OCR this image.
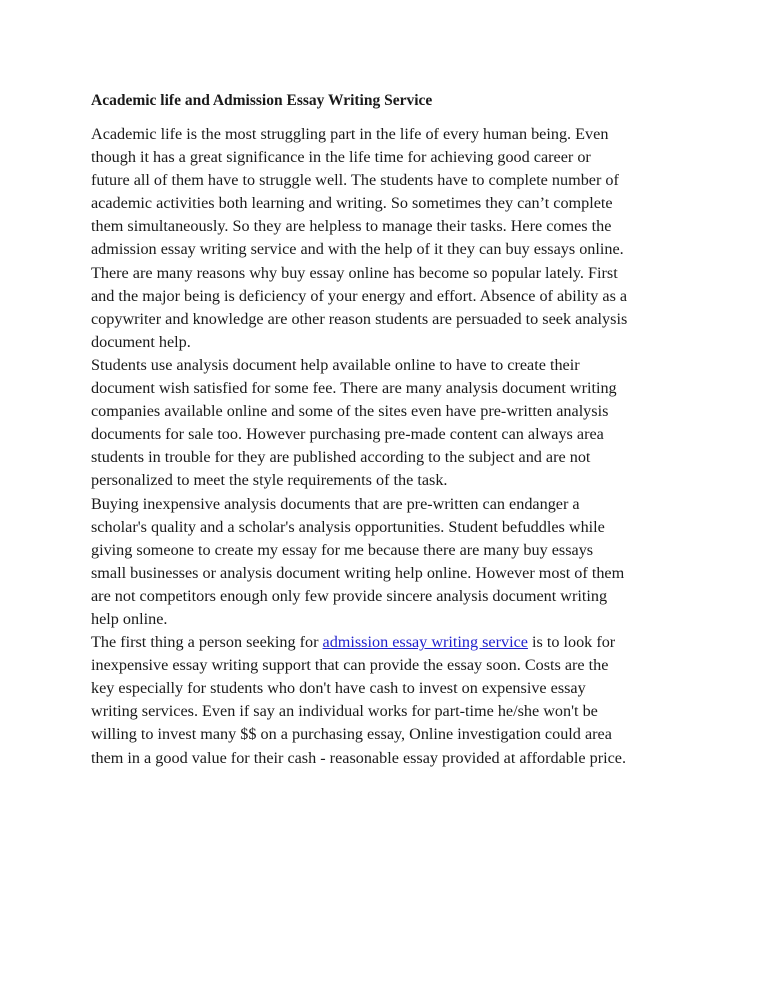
Academic life and Admission Essay Writing Service
Academic life is the most struggling part in the life of every human being. Even
though it has a great significance in the life time for achieving good career or
future all of them have to struggle well. The students have to complete number of
academic activities both learning and writing. So sometimes they can’t complete
them simultaneously. So they are helpless to manage their tasks. Here comes the
admission essay writing service and with the help of it they can buy essays online.
There are many reasons why buy essay online has become so popular lately. First
and the major being is deficiency of your energy and effort. Absence of ability as a
copywriter and knowledge are other reason students are persuaded to seek analysis
document help.
Students use analysis document help available online to have to create their
document wish satisfied for some fee. There are many analysis document writing
companies available online and some of the sites even have pre-written analysis
documents for sale too. However purchasing pre-made content can always area
students in trouble for they are published according to the subject and are not
personalized to meet the style requirements of the task.
Buying inexpensive analysis documents that are pre-written can endanger a
scholar's quality and a scholar's analysis opportunities. Student befuddles while
giving someone to create my essay for me because there are many buy essays
small businesses or analysis document writing help online. However most of them
are not competitors enough only few provide sincere analysis document writing
help online.
The first thing a person seeking for admission essay writing service is to look for
inexpensive essay writing support that can provide the essay soon. Costs are the
key especially for students who don't have cash to invest on expensive essay
writing services. Even if say an individual works for part-time he/she won't be
willing to invest many $$ on a purchasing essay, Online investigation could area
them in a good value for their cash - reasonable essay provided at affordable price.
